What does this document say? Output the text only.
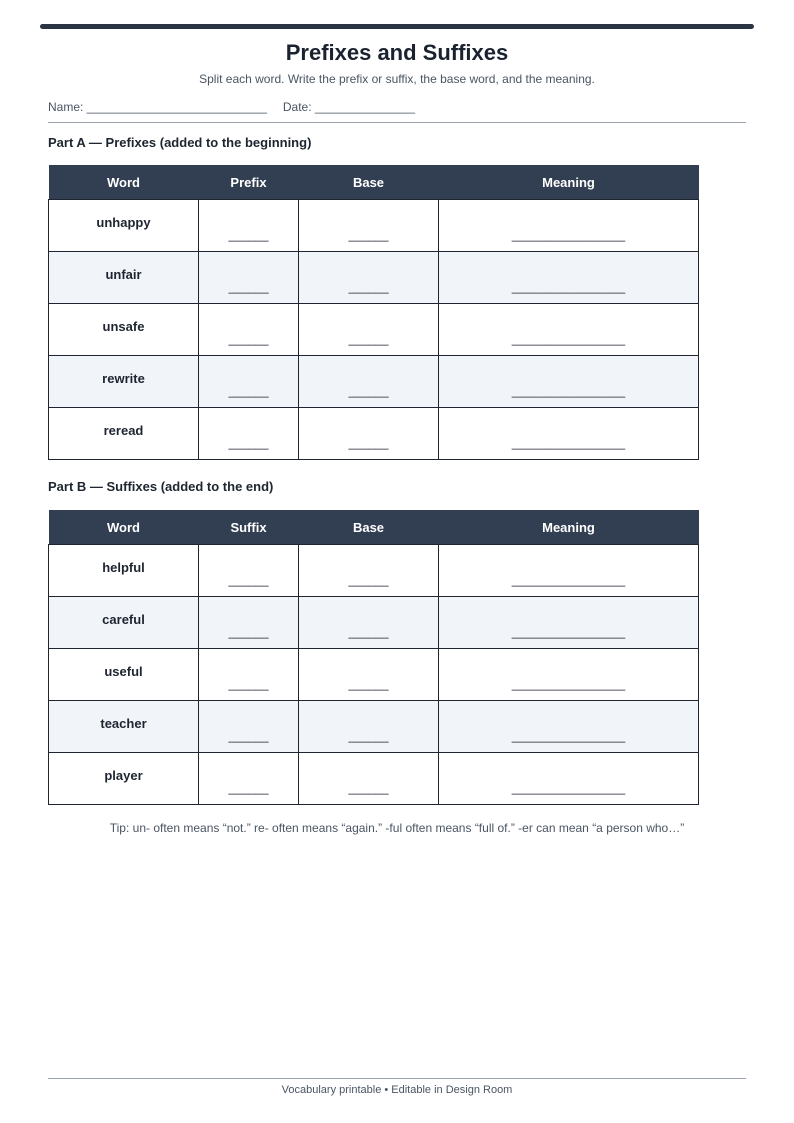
Prefixes and Suffixes
Split each word. Write the prefix or suffix, the base word, and the meaning.
Name: ___________________________ Date: _______________
Part A — Prefixes (added to the beginning)
Word	Prefix	Base	Meaning
unhappy	______	______	_________________

unfair	______	______	_________________

unsafe	______	______	_________________

rewrite	______	______	_________________

reread	______	______	_________________
Part B — Suffixes (added to the end)
Word	Suffix	Base	Meaning
helpful	______	______	_________________

careful	______	______	_________________

useful	______	______	_________________

teacher	______	______	_________________

player	______	______	_________________
Tip: un- often means “not.” re- often means “again.” -ful often means “full of.” -er can mean “a person who…”
Vocabulary printable • Editable in Design Room
